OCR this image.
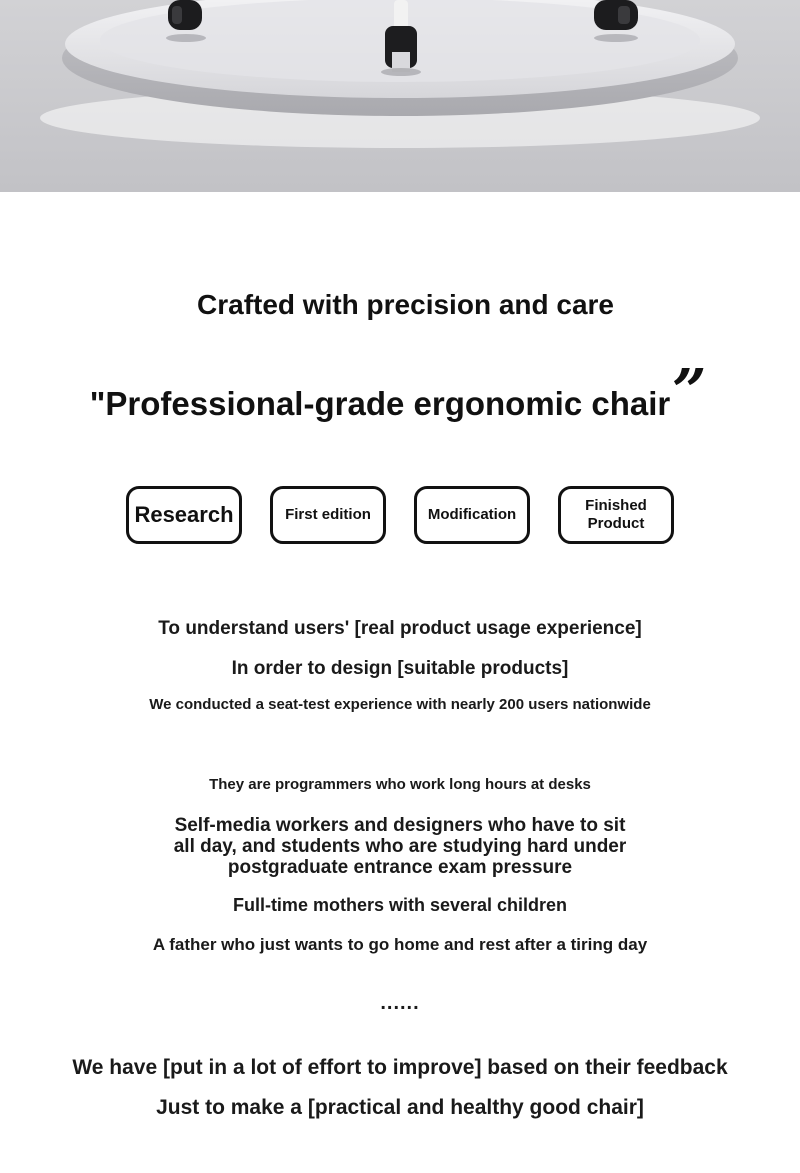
Crafted with precision and care
"Professional-grade ergonomic chair ”
Research	First edition	Modification
Finished Product
To understand users' [real product usage experience]
In order to design [suitable products]
We conducted a seat-test experience with nearly 200 users nationwide
They are programmers who work long hours at desks
Self-media workers and designers who have to sit all day, and students who are studying hard under postgraduate entrance exam pressure
Full-time mothers with several children
A father who just wants to go home and rest after a tiring day
......
We have [put in a lot of effort to improve] based on their feedback
Just to make a [practical and healthy good chair]
